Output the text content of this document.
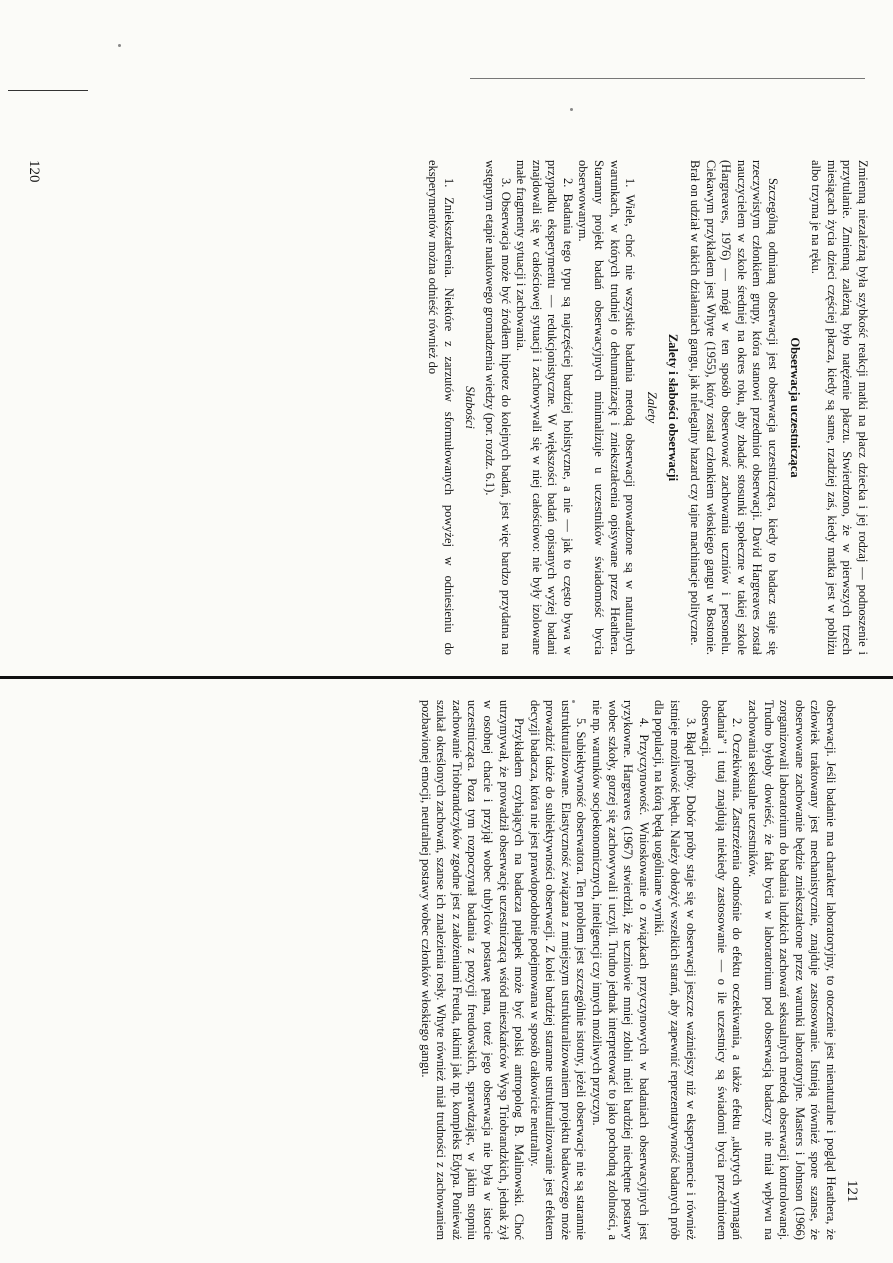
120	Zmienną niezależną była szybkość reakcji matki na płacz dziecka i jej rodzaj — podnoszenie i przytulanie. Zmienną zależną było natężenie płaczu. Stwierdzono, że w pierwszych trzech miesiącach życia dzieci częściej płacza, kiedy są same, rzadziej zaś, kiedy matka jest w pobliżu albo trzyma je na ręku.

Obserwacja uczestnicząca

Szczególną odmianą obserwacji jest obserwacja uczestnicząca, kiedy to badacz staje się rzeczywistym członkiem grupy, która stanowi przedmiot obserwacji. David Hargreaves został nauczycielem w szkole średniej na okres roku, aby zbadać stosunki społeczne w takiej szkole (Hargreaves, 1976) — mógł w ten sposób obserwować zachowania uczniów i personelu. Ciekawym przykładem jest Whyte (1955), który został członkiem włoskiego gangu w Bostonie. Brał on udział w takich działaniach gangu, jak nielegalny hazard czy tajne machinacje polityczne.

Zalety i słabości obserwacji
Zalety

1. Wiele, choć nie wszystkie badania metodą obserwacji prowadzone są w naturalnych warunkach, w których trudniej o dehumanizację i zniekształcenia opisywane przez Heathera. Staranny projekt badań obserwacyjnych minimalizuje u uczestników świadomość bycia obserwowanym.

2. Badania tego typu są najczęściej bardziej holistyczne, a nie — jak to często bywa w przypadku eksperymentu — redukcjonistyczne. W większości badań opisanych wyżej badani znajdowali się w całościowej sytuacji i zachowywali się w niej całościowo: nie były izolowane małe fragmenty sytuacji i zachowania.

3. Obserwacja może być źródłem hipotez do kolejnych badań, jest więc bardzo przydatna na wstępnym etapie naukowego gromadzenia wiedzy (por. rozdz. 6.1).

Słabości

1. Zniekształcenia. Niektóre z zarzutów sformułowanych powyżej w odniesieniu do eksperymentów można odnieść również do

121

obserwacji. Jeśli badanie ma charakter laboratoryjny, to otoczenie jest nienaturalne i pogląd Heathera, że człowiek traktowany jest mechanistycznie, znajduje zastosowanie. Istnieją również spore szanse, że obserwowane zachowanie będzie zniekształcone przez warunki laboratoryjne. Masters i Johnson (1966) zorganizowali laboratorium do badania ludzkich zachowań seksualnych metodą obserwacji kontrolowanej. Trudno byłoby dowieść, że fakt bycia w laboratorium pod obserwacją badaczy nie miał wpływu na zachowania seksualne uczestników.

2. Oczekiwania. Zastrzeżenia odnośnie do efektu oczekiwania, a także efektu „ukrytych wymagań badania” i tutaj znajdują niekiedy zastosowanie — o ile uczestnicy są świadomi bycia przedmiotem obserwacji.

3. Błąd próby. Dobór próby staje się w obserwacji jeszcze ważniejszy niż w eksperymencie i również istnieje możliwość błędu. Należy dołożyć wszelkich starań, aby zapewnić reprezentatywność badanych prób dla populacji, na którą będą uogólniane wyniki.

4. Przyczynowość. Wnioskowanie o związkach przyczynowych w badaniach obserwacyjnych jest ryzykowne. Hargreaves (1967) stwierdził, że uczniowie mniej zdolni mieli bardziej niechętne postawy wobec szkoły, gorzej się zachowywali i uczyli. Trudno jednak interpretować to jako pochodną zdolności, a nie np. warunków socjoekonomicznych, inteligencji czy innych możliwych przyczyn.

5. Subiektywność obserwatora. Ten problem jest szczególnie istotny, jeżeli obserwacje nie są starannie ustrukturalizowane. Elastyczność związana z mniejszym ustrukturalizowaniem projektu badawczego może prowadzić także do subiektywności obserwacji. Z kolei bardziej staranne ustrukturalizowanie jest efektem decyzji badacza, która nie jest prawdopodobnie podejmowana w sposób całkowicie neutralny.

Przykładem czyhających na badacza pułapek może być polski antropolog B. Malinowski. Choć utrzymywał, że prowadził obserwację uczestniczącą wśród mieszkańców Wysp Triobrandzkich, jednak żył w osobnej chacie i przyjął wobec tubylców postawę pana, toteż jego obserwacja nie była w istocie uczestnicząca. Poza tym rozpoczynał badania z pozycji freudowskich, sprawdzając, w jakim stopniu zachowanie Triobrandczyków zgodne jest z założeniami Freuda, takimi jak np. kompleks Edypa. Ponieważ szukał określonych zachowań, szanse ich znalezienia rosły. Whyte również miał trudności z zachowaniem pozbawionej emocji, neutralnej postawy wobec członków włoskiego gangu.
